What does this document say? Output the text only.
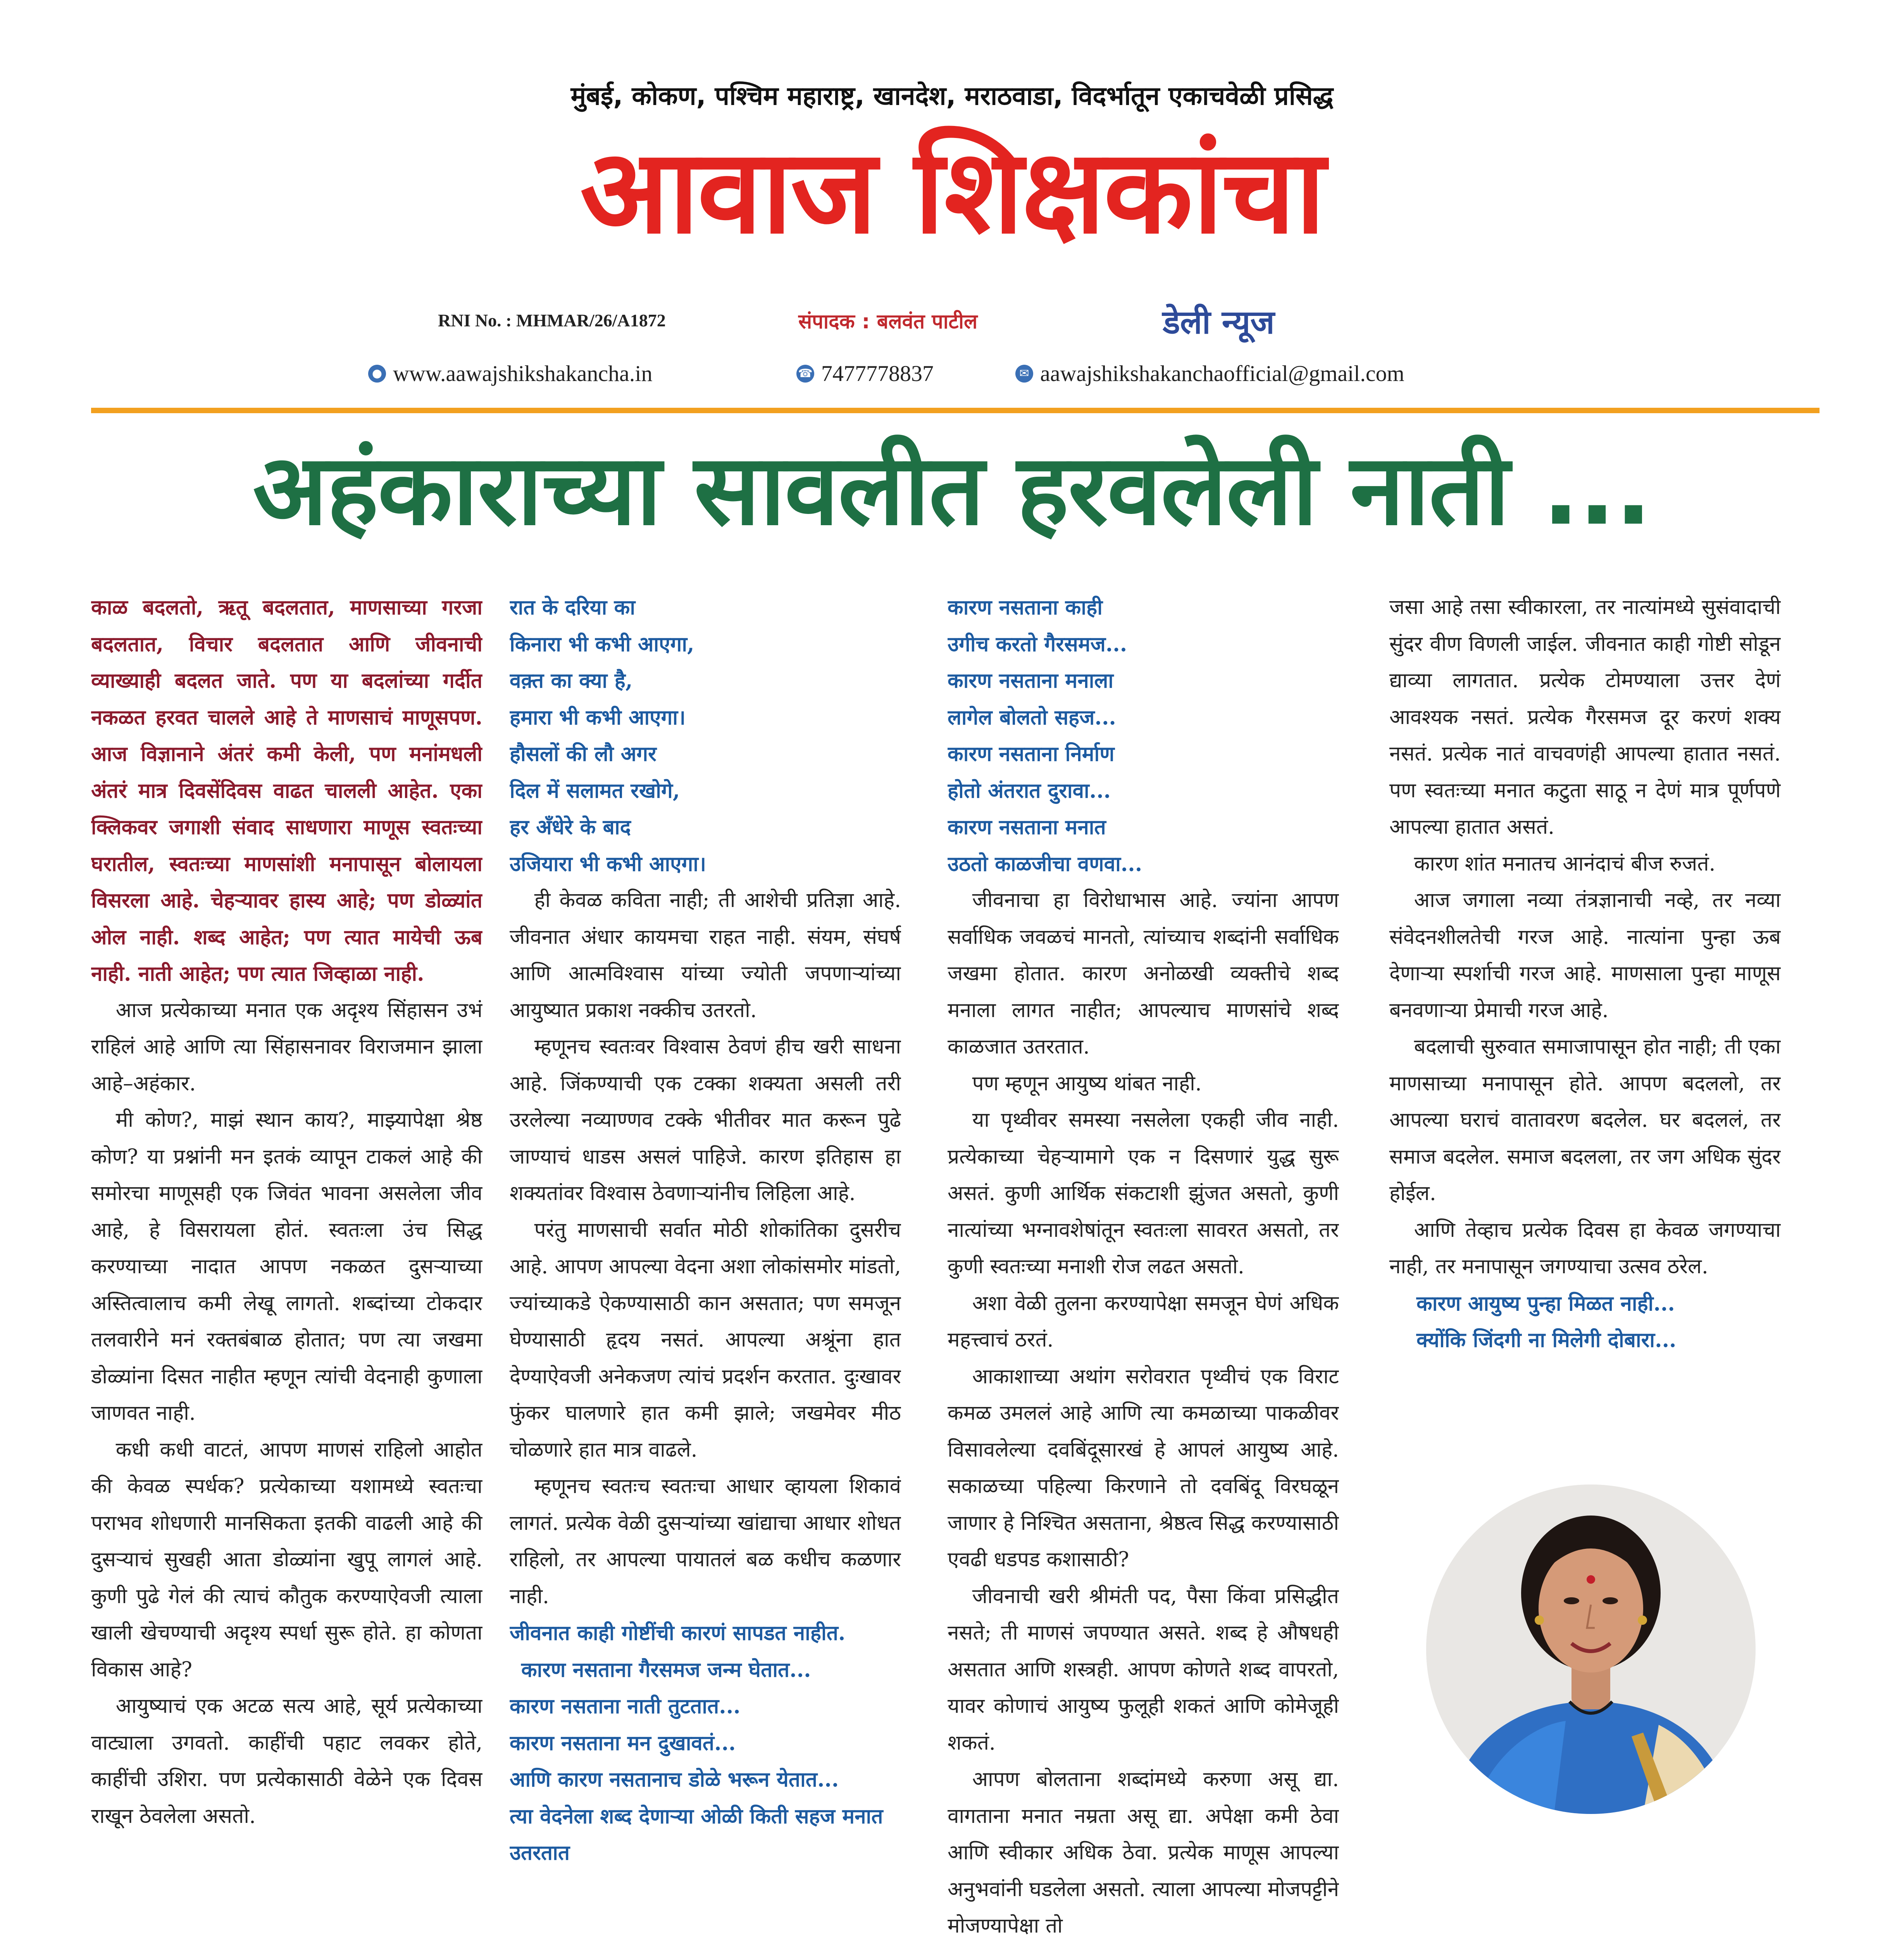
मुंबई, कोकण, पश्चिम महाराष्ट्र, खानदेश, मराठवाडा, विदर्भातून एकाचवेळी प्रसिद्ध
आवाज शिक्षकांचा
RNI No. : MHMAR/26/A1872	संपादक : बलवंत पाटील	डेली न्यूज
● www.aawajshikshakancha.in	☎ 7477778837	✉ aawajshikshakanchaofficial@gmail.com
अहंकाराच्या सावलीत हरवलेली नाती ...

काळ बदलतो, ऋतू बदलतात, माणसाच्या गरजा बदलतात, विचार बदलतात आणि जीवनाची व्याख्याही बदलत जाते. पण या बदलांच्या गर्दीत नकळत हरवत चालले आहे ते माणसाचं माणूसपण. आज विज्ञानाने अंतरं कमी केली, पण मनांमधली अंतरं मात्र दिवसेंदिवस वाढत चालली आहेत. एका क्लिकवर जगाशी संवाद साधणारा माणूस स्वतःच्या घरातील, स्वतःच्या माणसांशी मनापासून बोलायला विसरला आहे. चेहऱ्यावर हास्य आहे; पण डोळ्यांत ओल नाही. शब्द आहेत; पण त्यात मायेची ऊब नाही. नाती आहेत; पण त्यात जिव्हाळा नाही.

आज प्रत्येकाच्या मनात एक अदृश्य सिंहासन उभं राहिलं आहे आणि त्या सिंहासनावर विराजमान झाला आहे–अहंकार.

मी कोण?, माझं स्थान काय?, माझ्यापेक्षा श्रेष्ठ कोण? या प्रश्नांनी मन इतकं व्यापून टाकलं आहे की समोरचा माणूसही एक जिवंत भावना असलेला जीव आहे, हे विसरायला होतं. स्वतःला उंच सिद्ध करण्याच्या नादात आपण नकळत दुसऱ्याच्या अस्तित्वालाच कमी लेखू लागतो. शब्दांच्या टोकदार तलवारीने मनं रक्तबंबाळ होतात; पण त्या जखमा डोळ्यांना दिसत नाहीत म्हणून त्यांची वेदनाही कुणाला जाणवत नाही.

कधी कधी वाटतं, आपण माणसं राहिलो आहोत की केवळ स्पर्धक? प्रत्येकाच्या यशामध्ये स्वतःचा पराभव शोधणारी मानसिकता इतकी वाढली आहे की दुसऱ्याचं सुखही आता डोळ्यांना खुपू लागलं आहे. कुणी पुढे गेलं की त्याचं कौतुक करण्याऐवजी त्याला खाली खेचण्याची अदृश्य स्पर्धा सुरू होते. हा कोणता विकास आहे?

आयुष्याचं एक अटळ सत्य आहे, सूर्य प्रत्येकाच्या वाट्याला उगवतो. काहींची पहाट लवकर होते, काहींची उशिरा. पण प्रत्येकासाठी वेळेने एक दिवस राखून ठेवलेला असतो.

रात के दरिया का
किनारा भी कभी आएगा,
वक़्त का क्या है,
हमारा भी कभी आएगा।
हौसलों की लौ अगर
दिल में सलामत रखोगे,
हर अँधेरे के बाद
उजियारा भी कभी आएगा।

ही केवळ कविता नाही; ती आशेची प्रतिज्ञा आहे. जीवनात अंधार कायमचा राहत नाही. संयम, संघर्ष आणि आत्मविश्वास यांच्या ज्योती जपणाऱ्यांच्या आयुष्यात प्रकाश नक्कीच उतरतो.

म्हणूनच स्वतःवर विश्वास ठेवणं हीच खरी साधना आहे. जिंकण्याची एक टक्का शक्यता असली तरी उरलेल्या नव्याण्णव टक्के भीतीवर मात करून पुढे जाण्याचं धाडस असलं पाहिजे. कारण इतिहास हा शक्यतांवर विश्वास ठेवणाऱ्यांनीच लिहिला आहे.

परंतु माणसाची सर्वात मोठी शोकांतिका दुसरीच आहे. आपण आपल्या वेदना अशा लोकांसमोर मांडतो, ज्यांच्याकडे ऐकण्यासाठी कान असतात; पण समजून घेण्यासाठी हृदय नसतं. आपल्या अश्रूंना हात देण्याऐवजी अनेकजण त्यांचं प्रदर्शन करतात. दुःखावर फुंकर घालणारे हात कमी झाले; जखमेवर मीठ चोळणारे हात मात्र वाढले.

म्हणूनच स्वतःच स्वतःचा आधार व्हायला शिकावं लागतं. प्रत्येक वेळी दुसऱ्यांच्या खांद्याचा आधार शोधत राहिलो, तर आपल्या पायातलं बळ कधीच कळणार नाही.

जीवनात काही गोष्टींची कारणं सापडत नाहीत.

कारण नसताना गैरसमज जन्म घेतात...
कारण नसताना नाती तुटतात...
कारण नसताना मन दुखावतं...
आणि कारण नसतानाच डोळे भरून येतात...
त्या वेदनेला शब्द देणाऱ्या ओळी किती सहज मनात उतरतात
कारण नसताना काही
उगीच करतो गैरसमज...
कारण नसताना मनाला
लागेल बोलतो सहज...
कारण नसताना निर्माण
होतो अंतरात दुरावा...
कारण नसताना मनात
उठतो काळजीचा वणवा...

जीवनाचा हा विरोधाभास आहे. ज्यांना आपण सर्वाधिक जवळचं मानतो, त्यांच्याच शब्दांनी सर्वाधिक जखमा होतात. कारण अनोळखी व्यक्तीचे शब्द मनाला लागत नाहीत; आपल्याच माणसांचे शब्द काळजात उतरतात.

पण म्हणून आयुष्य थांबत नाही.

या पृथ्वीवर समस्या नसलेला एकही जीव नाही. प्रत्येकाच्या चेहऱ्यामागे एक न दिसणारं युद्ध सुरू असतं. कुणी आर्थिक संकटाशी झुंजत असतो, कुणी नात्यांच्या भग्नावशेषांतून स्वतःला सावरत असतो, तर कुणी स्वतःच्या मनाशी रोज लढत असतो.

अशा वेळी तुलना करण्यापेक्षा समजून घेणं अधिक महत्त्वाचं ठरतं.

आकाशाच्या अथांग सरोवरात पृथ्वीचं एक विराट कमळ उमललं आहे आणि त्या कमळाच्या पाकळीवर विसावलेल्या दवबिंदूसारखं हे आपलं आयुष्य आहे. सकाळच्या पहिल्या किरणाने तो दवबिंदू विरघळून जाणार हे निश्चित असताना, श्रेष्ठत्व सिद्ध करण्यासाठी एवढी धडपड कशासाठी?

जीवनाची खरी श्रीमंती पद, पैसा किंवा प्रसिद्धीत नसते; ती माणसं जपण्यात असते. शब्द हे औषधही असतात आणि शस्त्रही. आपण कोणते शब्द वापरतो, यावर कोणाचं आयुष्य फुलूही शकतं आणि कोमेजूही शकतं.

आपण बोलताना शब्दांमध्ये करुणा असू द्या. वागताना मनात नम्रता असू द्या. अपेक्षा कमी ठेवा आणि स्वीकार अधिक ठेवा. प्रत्येक माणूस आपल्या अनुभवांनी घडलेला असतो. त्याला आपल्या मोजपट्टीने मोजण्यापेक्षा तो

जसा आहे तसा स्वीकारला, तर नात्यांमध्ये सुसंवादाची सुंदर वीण विणली जाईल. जीवनात काही गोष्टी सोडून द्याव्या लागतात. प्रत्येक टोमण्याला उत्तर देणं आवश्यक नसतं. प्रत्येक गैरसमज दूर करणं शक्य नसतं. प्रत्येक नातं वाचवणंही आपल्या हातात नसतं. पण स्वतःच्या मनात कटुता साठू न देणं मात्र पूर्णपणे आपल्या हातात असतं.

कारण शांत मनातच आनंदाचं बीज रुजतं.

आज जगाला नव्या तंत्रज्ञानाची नव्हे, तर नव्या संवेदनशीलतेची गरज आहे. नात्यांना पुन्हा ऊब देणाऱ्या स्पर्शाची गरज आहे. माणसाला पुन्हा माणूस बनवणाऱ्या प्रेमाची गरज आहे.

बदलाची सुरुवात समाजापासून होत नाही; ती एका माणसाच्या मनापासून होते. आपण बदललो, तर आपल्या घराचं वातावरण बदलेल. घर बदललं, तर समाज बदलेल. समाज बदलला, तर जग अधिक सुंदर होईल.

आणि तेव्हाच प्रत्येक दिवस हा केवळ जगण्याचा नाही, तर मनापासून जगण्याचा उत्सव ठरेल.

कारण आयुष्य पुन्हा मिळत नाही...
क्योंकि जिंदगी ना मिलेगी दोबारा...
